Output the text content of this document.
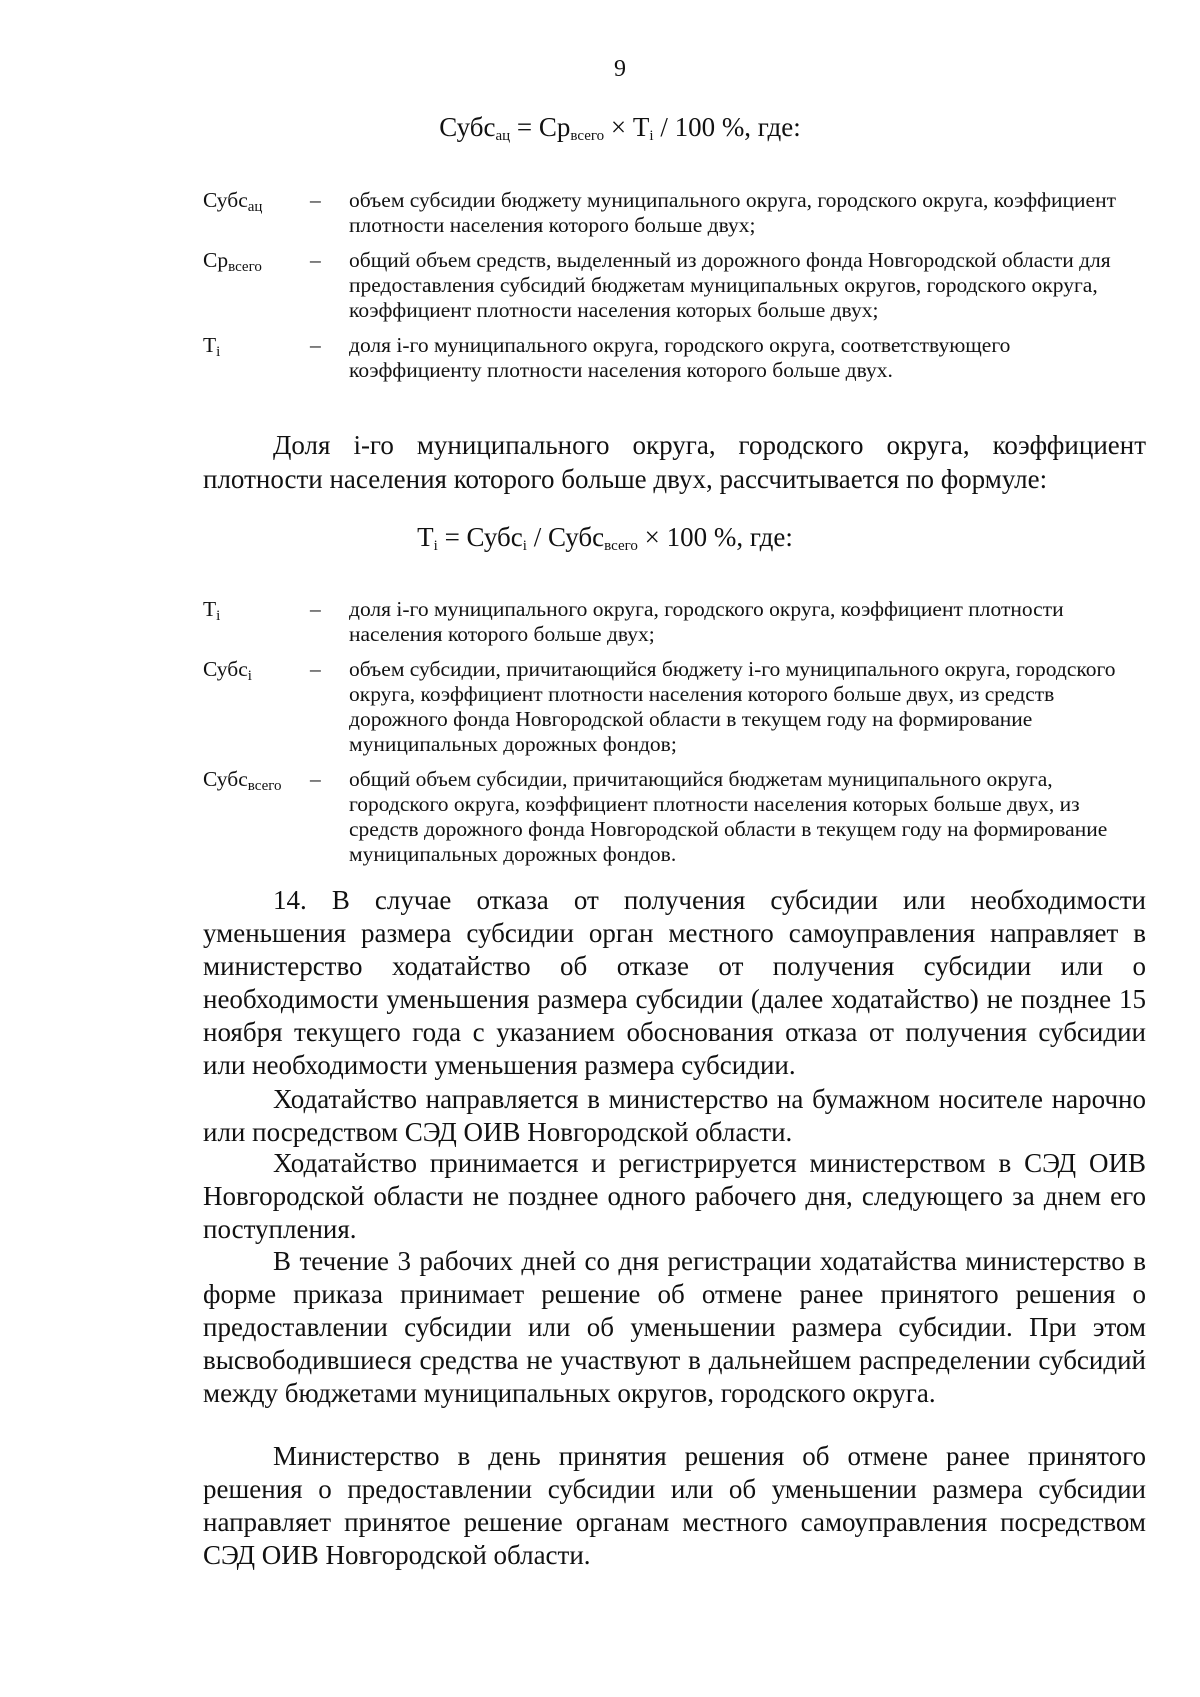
9
Субс$_{ац}$ = $Ср_{всего} \times Т_i / 100$ %, где:
Субс$_{ац}$	–	объем субсидии бюджету муниципального округа, городского округа, коэффициент плотности населения которого больше двух;
$Ср_{всего}$	–	общий объем средств, выделенный из дорожного фонда Новгородской области для предоставления субсидий бюджетам муниципальных округов, городского округа, коэффициент плотности населения которых больше двух;
$Т_i$	–	доля i-го муниципального округа, городского округа, соответствующего коэффициенту плотности населения которого больше двух.

Доля i-го муниципального округа, городского округа, коэффициент плотности населения которого больше двух, рассчитывается по формуле:

$Т_i$ = Субс$_i$ / Субс$_{всего}$ × 100 %, где:
$Т_i$	–	доля i-го муниципального округа, городского округа, коэффициент плотности населения которого больше двух;
Субс$_i$	–	объем субсидии, причитающийся бюджету i-го муниципального округа, городского округа, коэффициент плотности населения которого больше двух, из средств дорожного фонда Новгородской области в текущем году на формирование муниципальных дорожных фондов;
Субс$_{всего}$	–	общий объем субсидии, причитающийся бюджетам муниципального округа, городского округа, коэффициент плотности населения которых больше двух, из средств дорожного фонда Новгородской области в текущем году на формирование муниципальных дорожных фондов.

14. В случае отказа от получения субсидии или необходимости уменьшения размера субсидии орган местного самоуправления направляет в министерство ходатайство об отказе от получения субсидии или о необходимости уменьшения размера субсидии (далее ходатайство) не позднее 15 ноября текущего года с указанием обоснования отказа от получения субсидии или необходимости уменьшения размера субсидии.

Ходатайство направляется в министерство на бумажном носителе нарочно или посредством СЭД ОИВ Новгородской области.

Ходатайство принимается и регистрируется министерством в СЭД ОИВ Новгородской области не позднее одного рабочего дня, следующего за днем его поступления.

В течение 3 рабочих дней со дня регистрации ходатайства министерство в форме приказа принимает решение об отмене ранее принятого решения о предоставлении субсидии или об уменьшении размера субсидии. При этом высвободившиеся средства не участвуют в дальнейшем распределении субсидий между бюджетами муниципальных округов, городского округа.

Министерство в день принятия решения об отмене ранее принятого решения о предоставлении субсидии или об уменьшении размера субсидии направляет принятое решение органам местного самоуправления посредством СЭД ОИВ Новгородской области.
